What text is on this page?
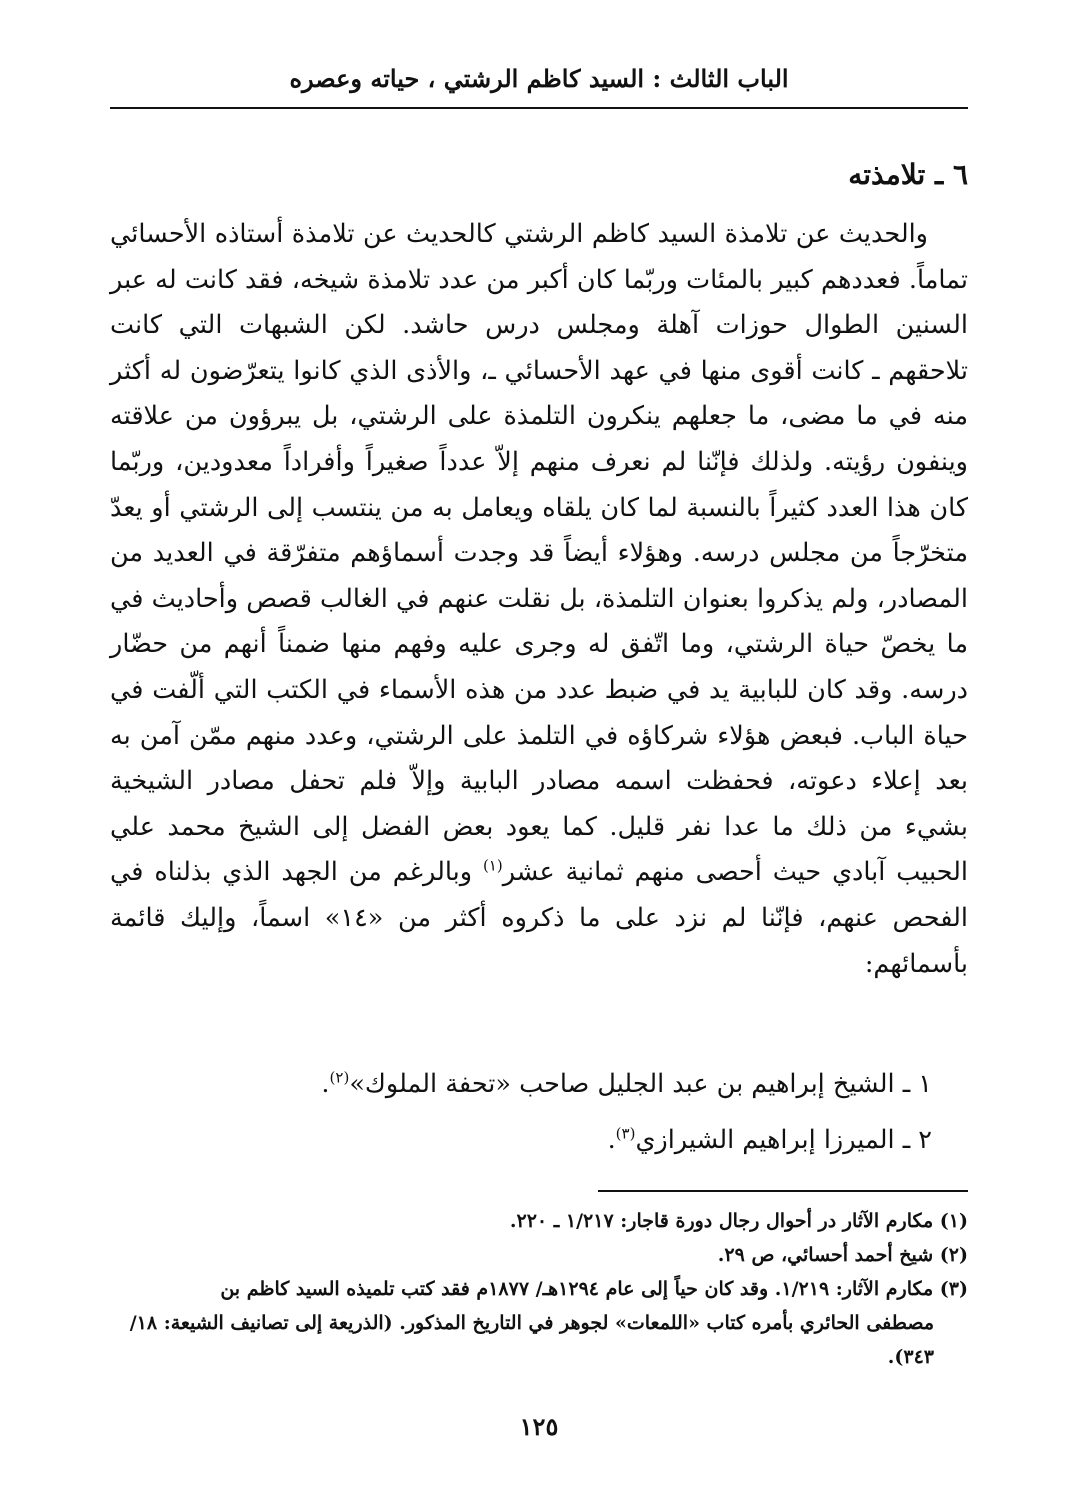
الباب الثالث : السيد كاظم الرشتي ، حياته وعصره
٦ ـ تلامذته

والحديث عن تلامذة السيد كاظم الرشتي كالحديث عن تلامذة أستاذه الأحسائي تماماً. فعددهم كبير بالمئات وربّما كان أكبر من عدد تلامذة شيخه، فقد كانت له عبر السنين الطوال حوزات آهلة ومجلس درس حاشد. لكن الشبهات التي كانت تلاحقهم ـ كانت أقوى منها في عهد الأحسائي ـ، والأذى الذي كانوا يتعرّضون له أكثر منه في ما مضى، ما جعلهم ينكرون التلمذة على الرشتي، بل يبرؤون من علاقته وينفون رؤيته. ولذلك فإنّنا لم نعرف منهم إلاّ عدداً صغيراً وأفراداً معدودين، وربّما كان هذا العدد كثيراً بالنسبة لما كان يلقاه ويعامل به من ينتسب إلى الرشتي أو يعدّ متخرّجاً من مجلس درسه. وهؤلاء أيضاً قد وجدت أسماؤهم متفرّقة في العديد من المصادر، ولم يذكروا بعنوان التلمذة، بل نقلت عنهم في الغالب قصص وأحاديث في ما يخصّ حياة الرشتي، وما اتّفق له وجرى عليه وفهم منها ضمناً أنهم من حضّار درسه. وقد كان للبابية يد في ضبط عدد من هذه الأسماء في الكتب التي ألّفت في حياة الباب. فبعض هؤلاء شركاؤه في التلمذ على الرشتي، وعدد منهم ممّن آمن به بعد إعلاء دعوته، فحفظت اسمه مصادر البابية وإلاّ فلم تحفل مصادر الشيخية بشيء من ذلك ما عدا نفر قليل. كما يعود بعض الفضل إلى الشيخ محمد علي الحبيب آبادي حيث أحصى منهم ثمانية عشر$^{(١)}$ وبالرغم من الجهد الذي بذلناه في الفحص عنهم، فإنّنا لم نزد على ما ذكروه أكثر من «١٤» اسماً، وإليك قائمة بأسمائهم:

١ ـ الشيخ إبراهيم بن عبد الجليل صاحب «تحفة الملوك»$^{(٢)}$.
٢ ـ الميرزا إبراهيم الشيرازي$^{(٣)}$.

(١) مكارم الآثار در أحوال رجال دورة قاجار: ١/٢١٧ ـ ٢٢٠.

(٢) شيخ أحمد أحسائي، ص ٢٩.

(٣) مكارم الآثار: ١/٢١٩. وقد كان حياً إلى عام ١٢٩٤هـ/ ١٨٧٧م فقد كتب تلميذه السيد كاظم بن

مصطفى الحائري بأمره كتاب «اللمعات» لجوهر في التاريخ المذكور. (الذريعة إلى تصانيف الشيعة: ١٨/ ٣٤٣).

١٢٥
